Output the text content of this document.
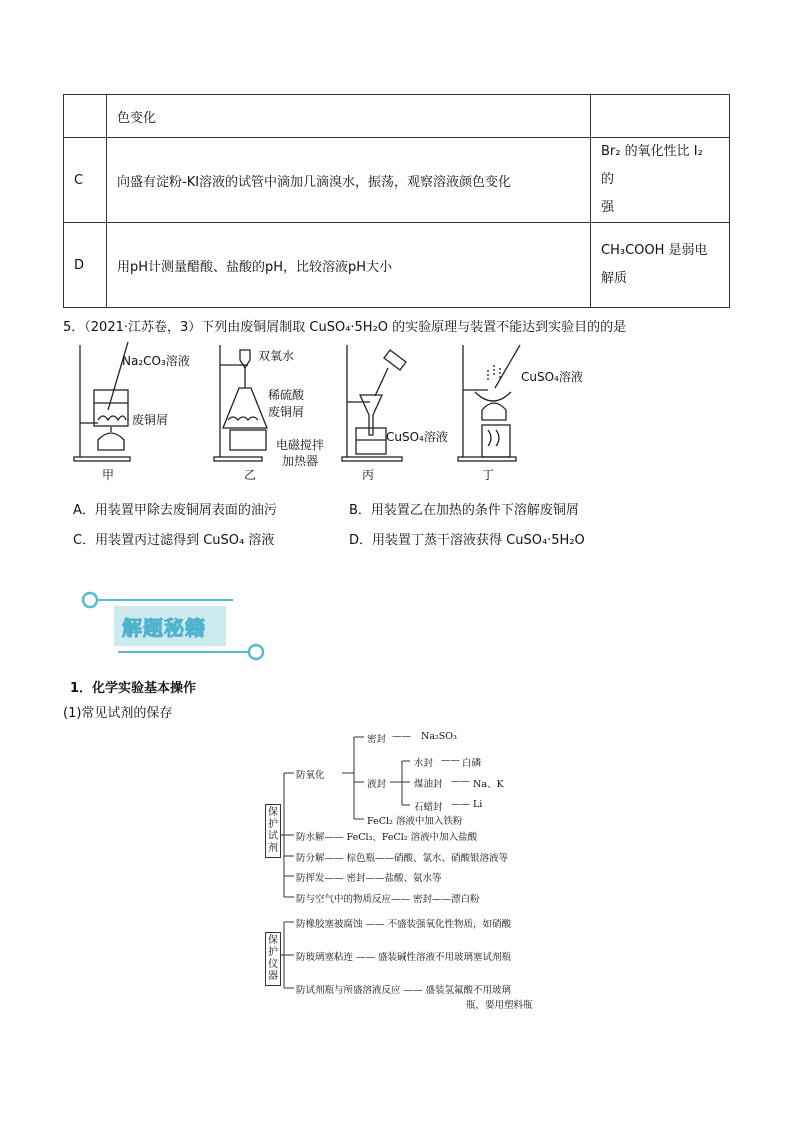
	色变化	
C	向盛有淀粉-KI溶液的试管中滴加几滴溴水，振荡，观察溶液颜色变化	Br₂ 的氧化性比 I₂ 的
强

D	用pH计测量醋酸、盐酸的pH，比较溶液pH大小	CH₃COOH 是弱电
解质
5．（2021·江苏卷，3）下列由废铜屑制取 CuSO₄·5H₂O 的实验原理与装置不能达到实验目的的是
Na₂CO₃溶液
废铜屑
甲
双氧水
稀硫酸
废铜屑
电磁搅拌
加热器
乙
CuSO₄溶液
丙
CuSO₄溶液
丁
A．用装置甲除去废铜屑表面的油污	B．用装置乙在加热的条件下溶解废铜屑
C．用装置丙过滤得到 CuSO₄ 溶液	D．用装置丁蒸干溶液获得 CuSO₄·5H₂O
解题秘籍
1．化学实验基本操作
(1)常见试剂的保存
保护试剂
保护仪器
防氧化
密封 —— Na₂SO₃
液封
水封 —— 白磷
煤油封 —— Na、K
石蜡封 —— Li
FeCl₂ 溶液中加入铁粉
防水解—— FeCl₃、FeCl₂ 溶液中加入盐酸
防分解—— 棕色瓶——硝酸、氯水、硝酸银溶液等
防挥发—— 密封——盐酸、氨水等
防与空气中的物质反应—— 密封——漂白粉
防橡胶塞被腐蚀 —— 不盛装强氧化性物质，如硝酸
防玻璃塞粘连 —— 盛装碱性溶液不用玻璃塞试剂瓶
防试剂瓶与所盛溶液反应 —— 盛装氢氟酸不用玻璃
瓶，要用塑料瓶
